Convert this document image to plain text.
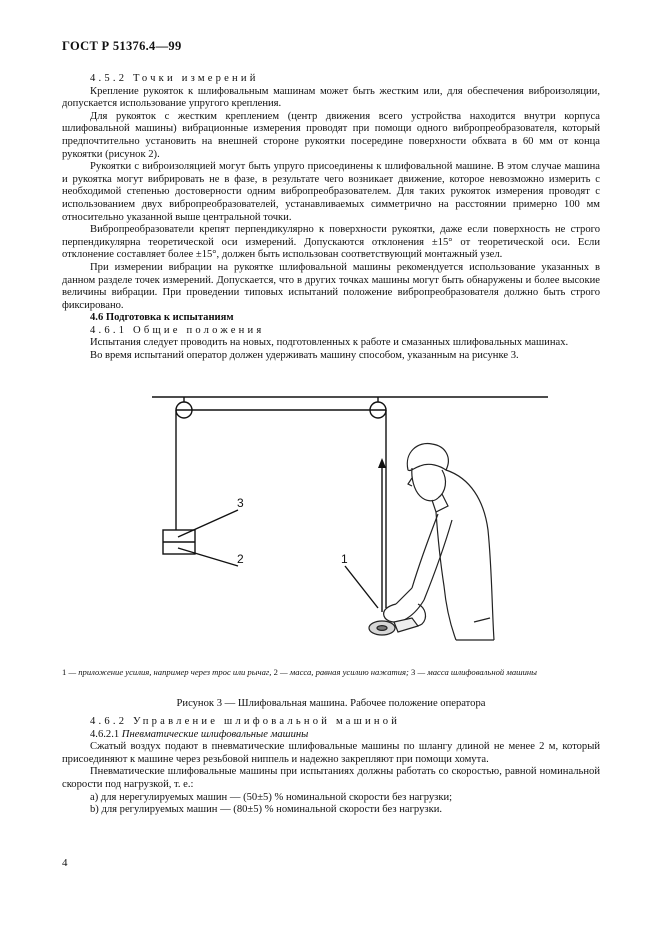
ГОСТ Р 51376.4—99

4.5.2 Точки измерений

Крепление рукояток к шлифовальным машинам может быть жестким или, для обеспечения виброизоляции, допускается использование упругого крепления.

Для рукояток с жестким креплением (центр движения всего устройства находится внутри корпуса шлифовальной машины) вибрационные измерения проводят при помощи одного вибропреобразователя, который предпочтительно установить на внешней стороне рукоятки посередине поверхности обхвата в 60 мм от конца рукоятки (рисунок 2).

Рукоятки с виброизоляцией могут быть упруго присоединены к шлифовальной машине. В этом случае машина и рукоятка могут вибрировать не в фазе, в результате чего возникает движение, которое невозможно измерить с необходимой степенью достоверности одним вибропреобразователем. Для таких рукояток измерения проводят с использованием двух вибропреобразователей, устанавливаемых симметрично на расстоянии примерно 100 мм относительно указанной выше центральной точки.

Вибропреобразователи крепят перпендикулярно к поверхности рукоятки, даже если поверхность не строго перпендикулярна теоретической оси измерений. Допускаются отклонения ±15° от теоретической оси. Если отклонение составляет более ±15°, должен быть использован соответствующий монтажный узел.

При измерении вибрации на рукоятке шлифовальной машины рекомендуется использование указанных в данном разделе точек измерений. Допускается, что в других точках машины могут быть обнаружены и более высокие величины вибрации. При проведении типовых испытаний положение вибропреобразователя должно быть строго фиксировано.

4.6 Подготовка к испытаниям

4.6.1 Общие положения

Испытания следует проводить на новых, подготовленных к работе и смазанных шлифовальных машинах.

Во время испытаний оператор должен удерживать машину способом, указанным на рисунке 3.

3
2	1
1 — приложение усилия, например через трос или рычаг, 2 — масса, равная усилию нажатия; 3 — масса шлифовальной машины
Рисунок 3 — Шлифовальная машина. Рабочее положение оператора

4.6.2 Управление шлифовальной машиной

4.6.2.1 Пневматические шлифовальные машины

Сжатый воздух подают в пневматические шлифовальные машины по шлангу длиной не менее 2 м, который присоединяют к машине через резьбовой ниппель и надежно закрепляют при помощи хомута.

Пневматические шлифовальные машины при испытаниях должны работать со скоростью, равной номинальной скорости под нагрузкой, т. е.:

a) для нерегулируемых машин — (50±5) % номинальной скорости без нагрузки;

b) для регулируемых машин — (80±5) % номинальной скорости без нагрузки.

4
